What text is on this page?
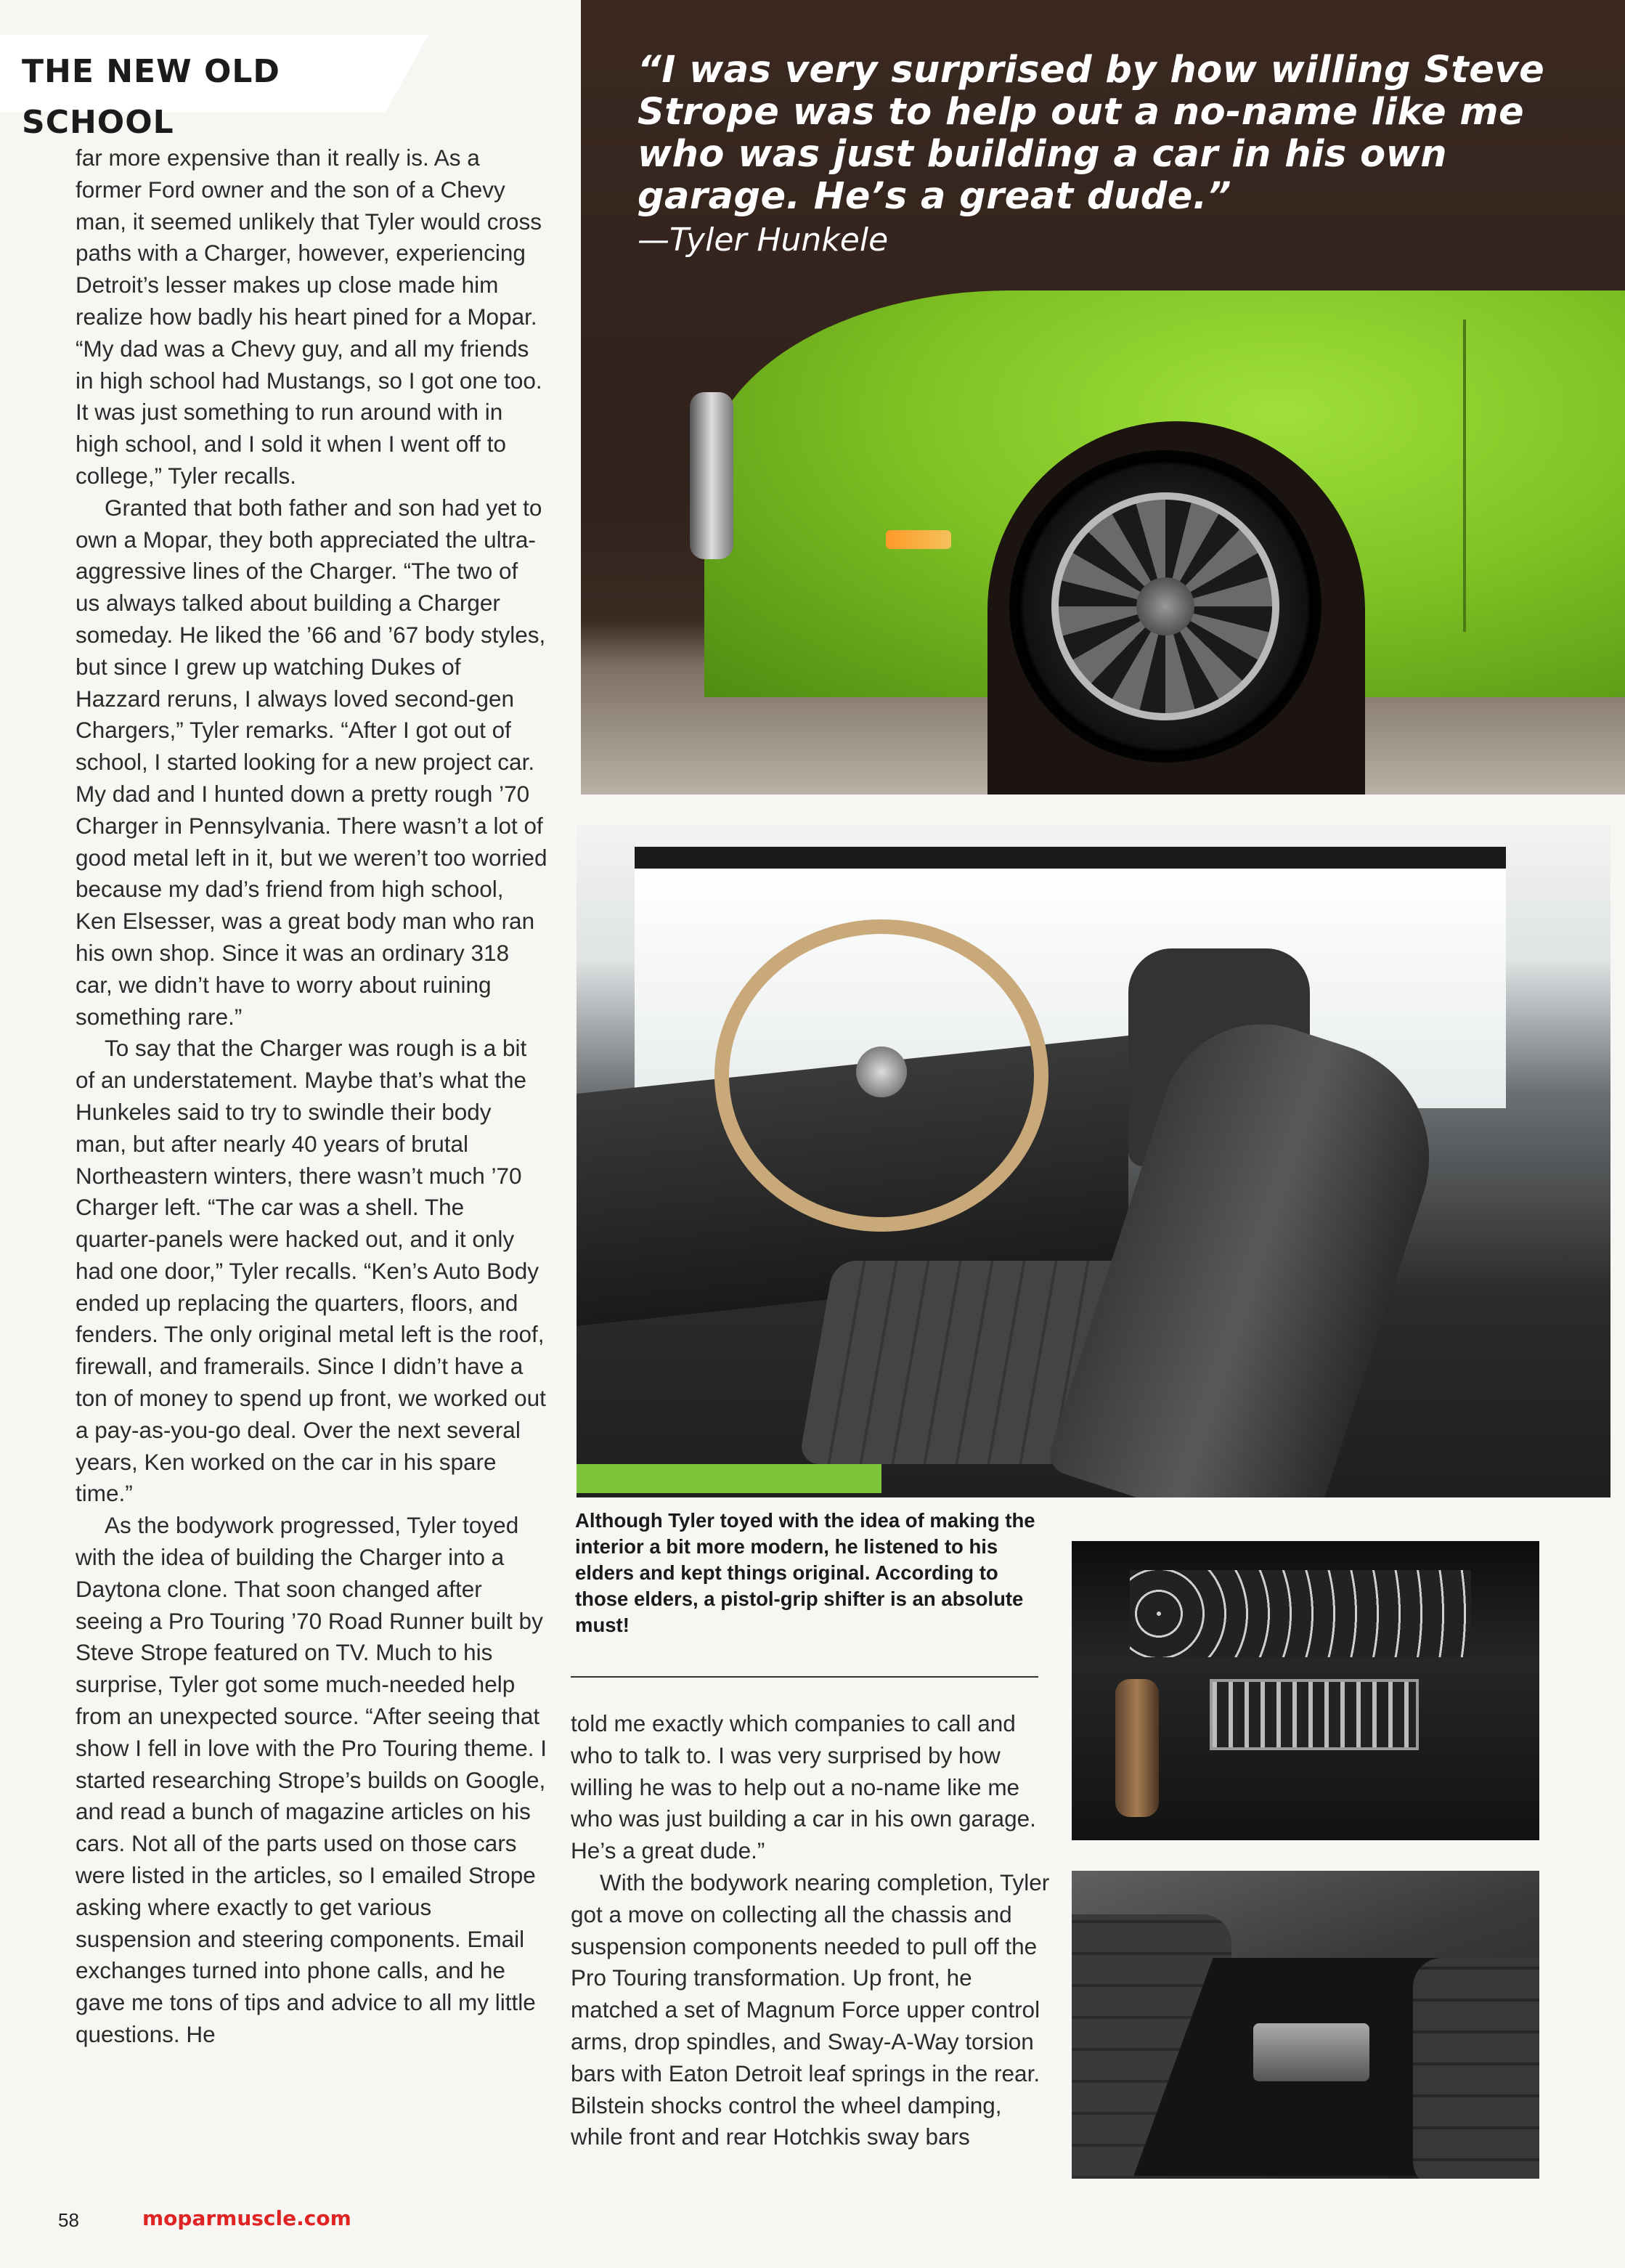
THE NEW OLD SCHOOL

far more expensive than it really is. As a former Ford owner and the son of a Chevy man, it seemed unlikely that Tyler would cross paths with a Charger, however, experiencing Detroit’s lesser makes up close made him realize how badly his heart pined for a Mopar. “My dad was a Chevy guy, and all my friends in high school had Mustangs, so I got one too. It was just something to run around with in high school, and I sold it when I went off to college,” Tyler recalls.

Granted that both father and son had yet to own a Mopar, they both appreciated the ultra-aggressive lines of the Charger. “The two of us always talked about building a Charger someday. He liked the ’66 and ’67 body styles, but since I grew up watching Dukes of Hazzard reruns, I always loved second-gen Chargers,” Tyler remarks. “After I got out of school, I started looking for a new project car. My dad and I hunted down a pretty rough ’70 Charger in Pennsylvania. There wasn’t a lot of good metal left in it, but we weren’t too worried because my dad’s friend from high school, Ken Elsesser, was a great body man who ran his own shop. Since it was an ordinary 318 car, we didn’t have to worry about ruining something rare.”

To say that the Charger was rough is a bit of an understatement. Maybe that’s what the Hunkeles said to try to swindle their body man, but after nearly 40 years of brutal Northeastern winters, there wasn’t much ’70 Charger left. “The car was a shell. The quarter-panels were hacked out, and it only had one door,” Tyler recalls. “Ken’s Auto Body ended up replacing the quarters, floors, and fenders. The only original metal left is the roof, firewall, and framerails. Since I didn’t have a ton of money to spend up front, we worked out a pay-as-you-go deal. Over the next several years, Ken worked on the car in his spare time.”

As the bodywork progressed, Tyler toyed with the idea of building the Charger into a Daytona clone. That soon changed after seeing a Pro Touring ’70 Road Runner built by Steve Strope featured on TV. Much to his surprise, Tyler got some much-needed help from an unexpected source. “After seeing that show I fell in love with the Pro Touring theme. I started researching Strope’s builds on Google, and read a bunch of magazine articles on his cars. Not all of the parts used on those cars were listed in the articles, so I emailed Strope asking where exactly to get various suspension and steering components. Email exchanges turned into phone calls, and he gave me tons of tips and advice to all my little questions. He

“I was very surprised by how willing Steve Strope was to help out a no-name like me who was just building a car in his own garage. He’s a great dude.”
—Tyler Hunkele
Although Tyler toyed with the idea of making the interior a bit more modern, he listened to his elders and kept things original. According to those elders, a pistol-grip shifter is an absolute must!

told me exactly which companies to call and who to talk to. I was very surprised by how willing he was to help out a no-name like me who was just building a car in his own garage. He’s a great dude.”

With the bodywork nearing completion, Tyler got a move on collecting all the chassis and suspension components needed to pull off the Pro Touring transformation. Up front, he matched a set of Magnum Force upper control arms, drop spindles, and Sway-A-Way torsion bars with Eaton Detroit leaf springs in the rear. Bilstein shocks control the wheel damping, while front and rear Hotchkis sway bars

58	moparmuscle.com
